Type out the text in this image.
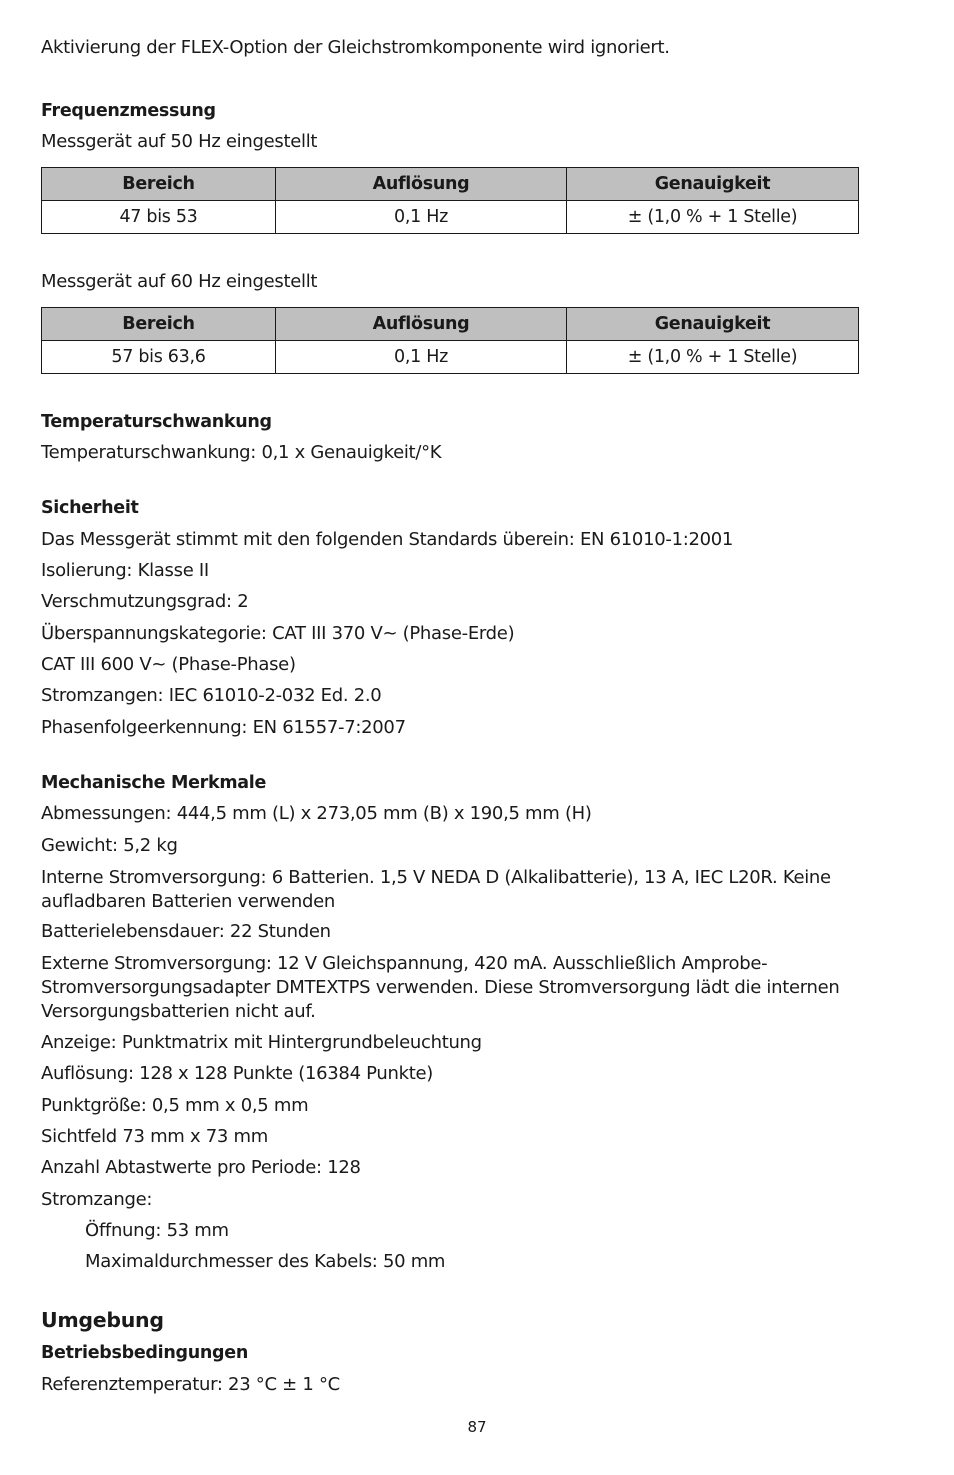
Aktivierung der FLEX-Option der Gleichstromkomponente wird ignoriert.
Frequenzmessung
Messgerät auf 50 Hz eingestellt
Bereich	Auflösung	Genauigkeit
47 bis 53	0,1 Hz	± (1,0 % + 1 Stelle)
Messgerät auf 60 Hz eingestellt
Bereich	Auflösung	Genauigkeit
57 bis 63,6	0,1 Hz	± (1,0 % + 1 Stelle)
Temperaturschwankung
Temperaturschwankung: 0,1 x Genauigkeit/°K
Sicherheit
Das Messgerät stimmt mit den folgenden Standards überein: EN 61010-1:2001
Isolierung: Klasse II
Verschmutzungsgrad: 2
Überspannungskategorie: CAT III 370 V~ (Phase-Erde)
CAT III 600 V~ (Phase-Phase)
Stromzangen: IEC 61010-2-032 Ed. 2.0
Phasenfolgeerkennung: EN 61557-7:2007
Mechanische Merkmale
Abmessungen: 444,5 mm (L) x 273,05 mm (B) x 190,5 mm (H)
Gewicht: 5,2 kg
Interne Stromversorgung: 6 Batterien. 1,5 V NEDA D (Alkalibatterie), 13 A, IEC L20R. Keine aufladbaren Batterien verwenden
Batterielebensdauer: 22 Stunden
Externe Stromversorgung: 12 V Gleichspannung, 420 mA. Ausschließlich Amprobe-Stromversorgungsadapter DMTEXTPS verwenden. Diese Stromversorgung lädt die internen Versorgungsbatterien nicht auf.
Anzeige: Punktmatrix mit Hintergrundbeleuchtung
Auflösung: 128 x 128 Punkte (16384 Punkte)
Punktgröße: 0,5 mm x 0,5 mm
Sichtfeld 73 mm x 73 mm
Anzahl Abtastwerte pro Periode: 128
Stromzange:
Öffnung: 53 mm
Maximaldurchmesser des Kabels: 50 mm
Umgebung
Betriebsbedingungen
Referenztemperatur: 23 °C ± 1 °C
87
